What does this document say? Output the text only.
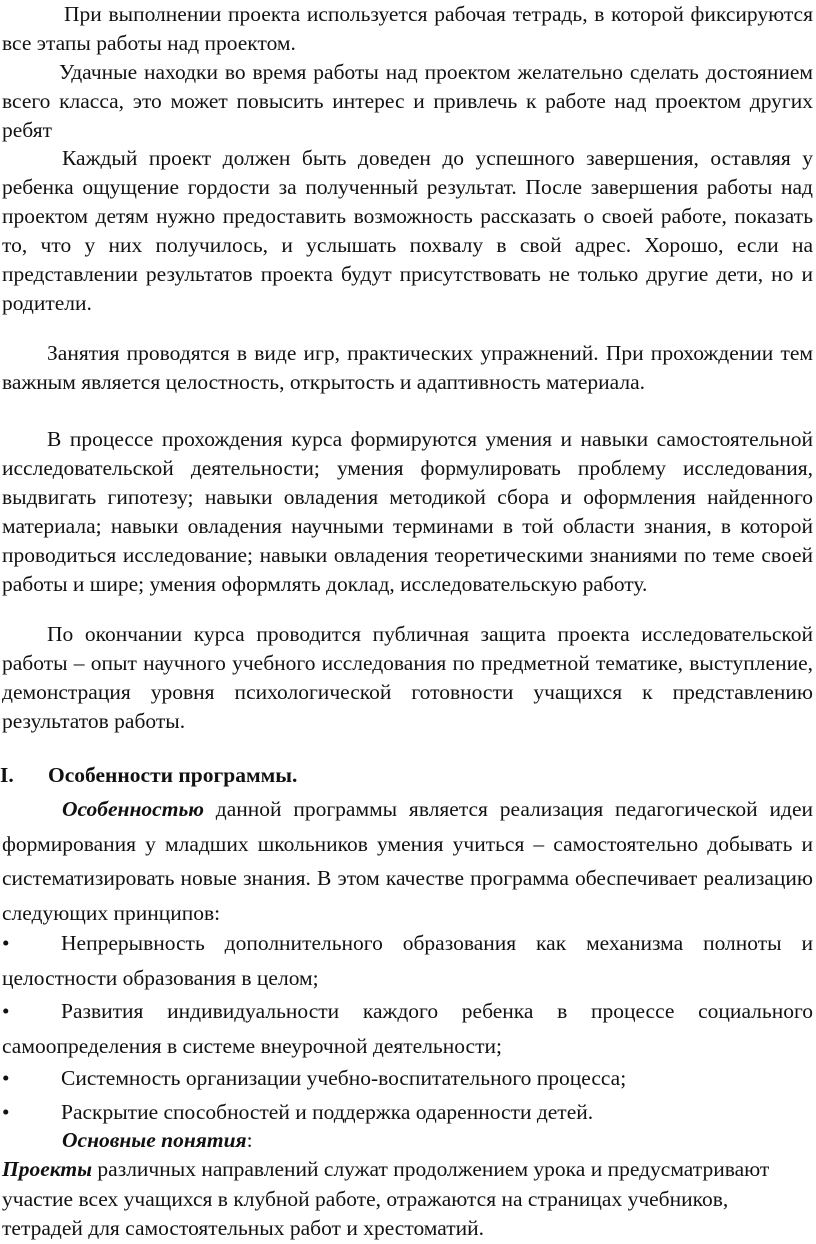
При выполнении проекта используется рабочая тетрадь, в которой фиксируются все этапы работы над проектом.

Удачные находки во время работы над проектом желательно сделать достоянием всего класса, это может повысить интерес и привлечь к работе над проектом других ребят

Каждый проект должен быть доведен до успешного завершения, оставляя у ребенка ощущение гордости за полученный результат. После завершения работы над проектом детям нужно предоставить возможность рассказать о своей работе, показать то, что у них получилось, и услышать похвалу в свой адрес. Хорошо, если на представлении результатов проекта будут присутствовать не только другие дети, но и родители.

Занятия проводятся в виде игр, практических упражнений. При прохождении тем важным является целостность, открытость и адаптивность материала.

В процессе прохождения курса формируются умения и навыки самостоятельной исследовательской деятельности; умения формулировать проблему исследования, выдвигать гипотезу; навыки овладения методикой сбора и оформления найденного материала; навыки овладения научными терминами в той области знания, в которой проводиться исследование; навыки овладения теоретическими знаниями по теме своей работы и шире; умения оформлять доклад, исследовательскую работу.

По окончании курса проводится публичная защита проекта исследовательской работы – опыт научного учебного исследования по предметной тематике, выступление, демонстрация уровня психологической готовности учащихся к представлению результатов работы.

I. Особенности программы.

Особенностью данной программы является реализация педагогической идеи формирования у младших школьников умения учиться – самостоятельно добывать и систематизировать новые знания. В этом качестве программа обеспечивает реализацию следующих принципов:

•	Непрерывность дополнительного образования как механизма полноты и целостности образования в целом;
•	Развития индивидуальности каждого ребенка в процессе социального самоопределения в системе внеурочной деятельности;
•	Системность организации учебно-воспитательного процесса;
•	Раскрытие способностей и поддержка одаренности детей.

Основные понятия:

Проекты различных направлений служат продолжением урока и предусматривают участие всех учащихся в клубной работе, отражаются на страницах учебников, тетрадей для самостоятельных работ и хрестоматий.
